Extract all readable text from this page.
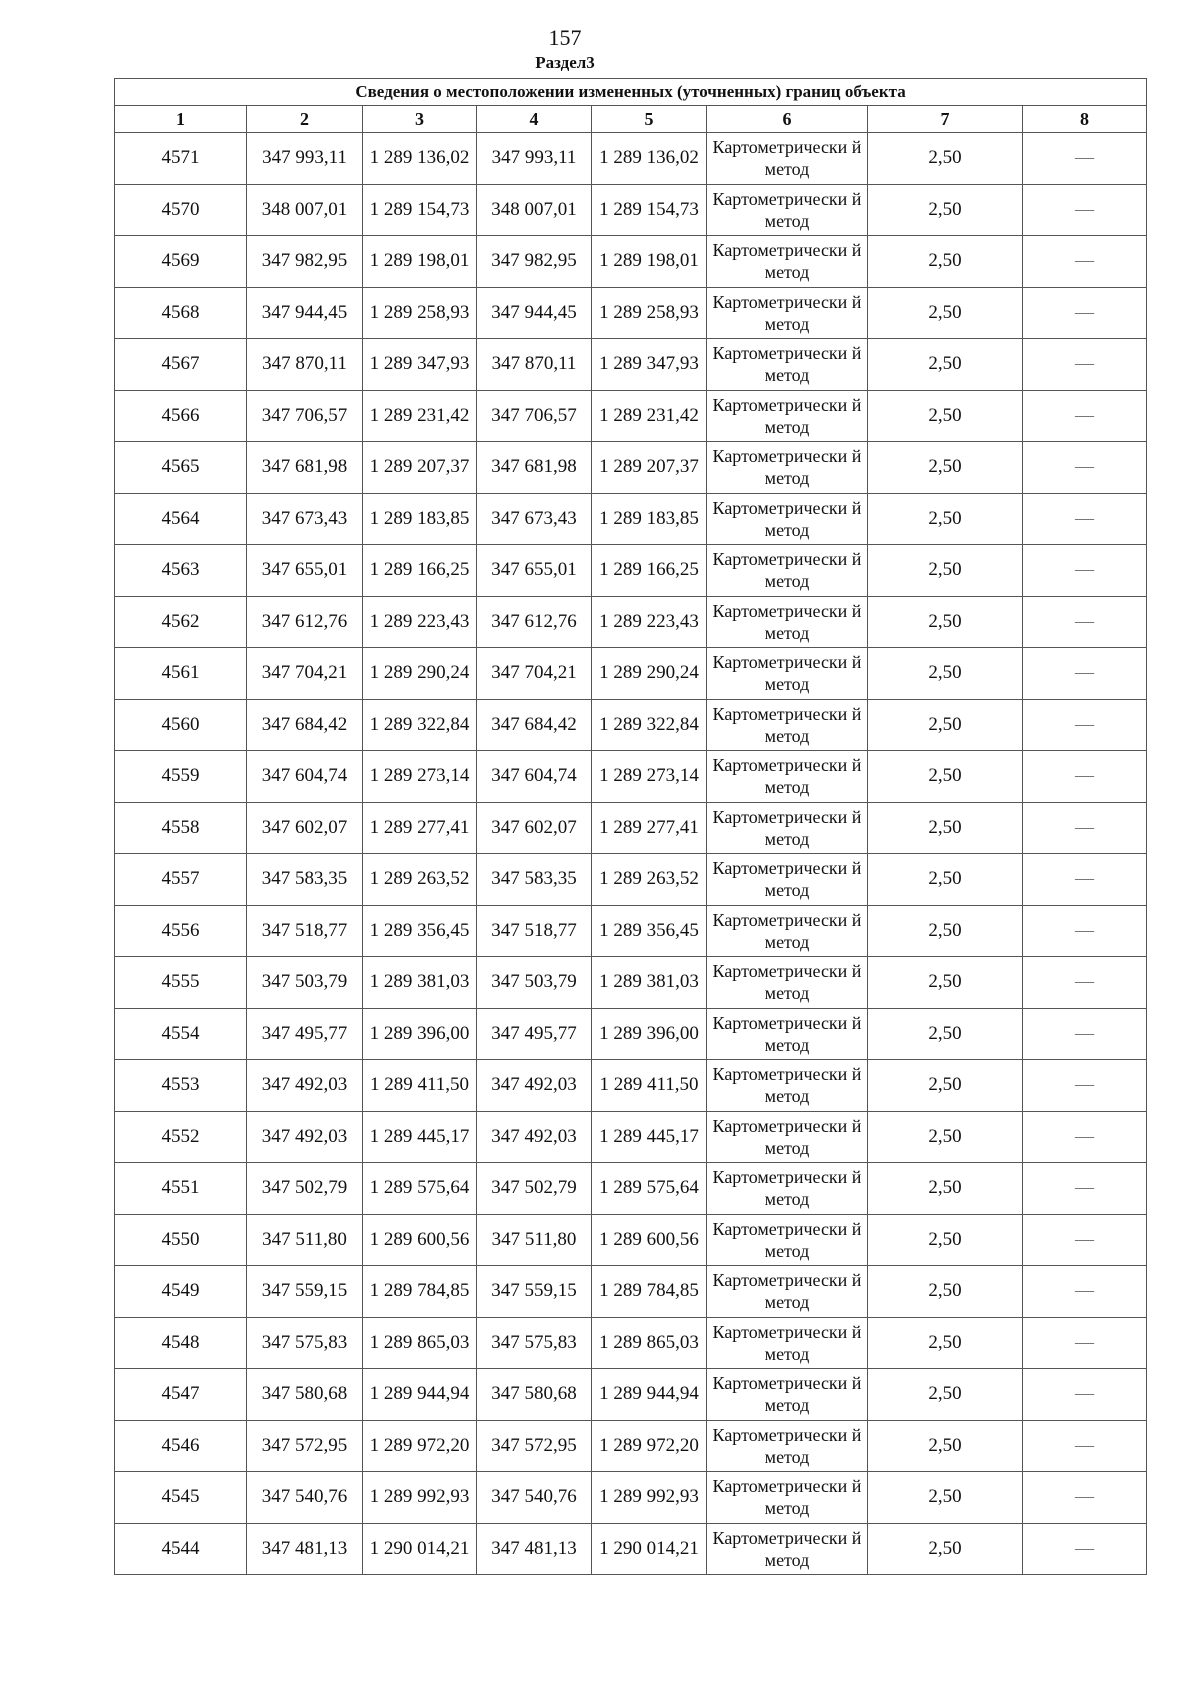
157
Раздел3
Сведения о местоположении измененных (уточненных) границ объекта							
1	2	3	4	5	6	7	8
4571	347 993,11	1 289 136,02	347 993,11	1 289 136,02	Картометрически й метод	2,50	—
4570	348 007,01	1 289 154,73	348 007,01	1 289 154,73	Картометрически й метод	2,50	—
4569	347 982,95	1 289 198,01	347 982,95	1 289 198,01	Картометрически й метод	2,50	—
4568	347 944,45	1 289 258,93	347 944,45	1 289 258,93	Картометрически й метод	2,50	—
4567	347 870,11	1 289 347,93	347 870,11	1 289 347,93	Картометрически й метод	2,50	—
4566	347 706,57	1 289 231,42	347 706,57	1 289 231,42	Картометрически й метод	2,50	—
4565	347 681,98	1 289 207,37	347 681,98	1 289 207,37	Картометрически й метод	2,50	—
4564	347 673,43	1 289 183,85	347 673,43	1 289 183,85	Картометрически й метод	2,50	—
4563	347 655,01	1 289 166,25	347 655,01	1 289 166,25	Картометрически й метод	2,50	—
4562	347 612,76	1 289 223,43	347 612,76	1 289 223,43	Картометрически й метод	2,50	—
4561	347 704,21	1 289 290,24	347 704,21	1 289 290,24	Картометрически й метод	2,50	—
4560	347 684,42	1 289 322,84	347 684,42	1 289 322,84	Картометрически й метод	2,50	—
4559	347 604,74	1 289 273,14	347 604,74	1 289 273,14	Картометрически й метод	2,50	—
4558	347 602,07	1 289 277,41	347 602,07	1 289 277,41	Картометрически й метод	2,50	—
4557	347 583,35	1 289 263,52	347 583,35	1 289 263,52	Картометрически й метод	2,50	—
4556	347 518,77	1 289 356,45	347 518,77	1 289 356,45	Картометрически й метод	2,50	—
4555	347 503,79	1 289 381,03	347 503,79	1 289 381,03	Картометрически й метод	2,50	—
4554	347 495,77	1 289 396,00	347 495,77	1 289 396,00	Картометрически й метод	2,50	—
4553	347 492,03	1 289 411,50	347 492,03	1 289 411,50	Картометрически й метод	2,50	—
4552	347 492,03	1 289 445,17	347 492,03	1 289 445,17	Картометрически й метод	2,50	—
4551	347 502,79	1 289 575,64	347 502,79	1 289 575,64	Картометрически й метод	2,50	—
4550	347 511,80	1 289 600,56	347 511,80	1 289 600,56	Картометрически й метод	2,50	—
4549	347 559,15	1 289 784,85	347 559,15	1 289 784,85	Картометрически й метод	2,50	—
4548	347 575,83	1 289 865,03	347 575,83	1 289 865,03	Картометрически й метод	2,50	—
4547	347 580,68	1 289 944,94	347 580,68	1 289 944,94	Картометрически й метод	2,50	—
4546	347 572,95	1 289 972,20	347 572,95	1 289 972,20	Картометрически й метод	2,50	—
4545	347 540,76	1 289 992,93	347 540,76	1 289 992,93	Картометрически й метод	2,50	—
4544	347 481,13	1 290 014,21	347 481,13	1 290 014,21	Картометрически й метод	2,50	—
